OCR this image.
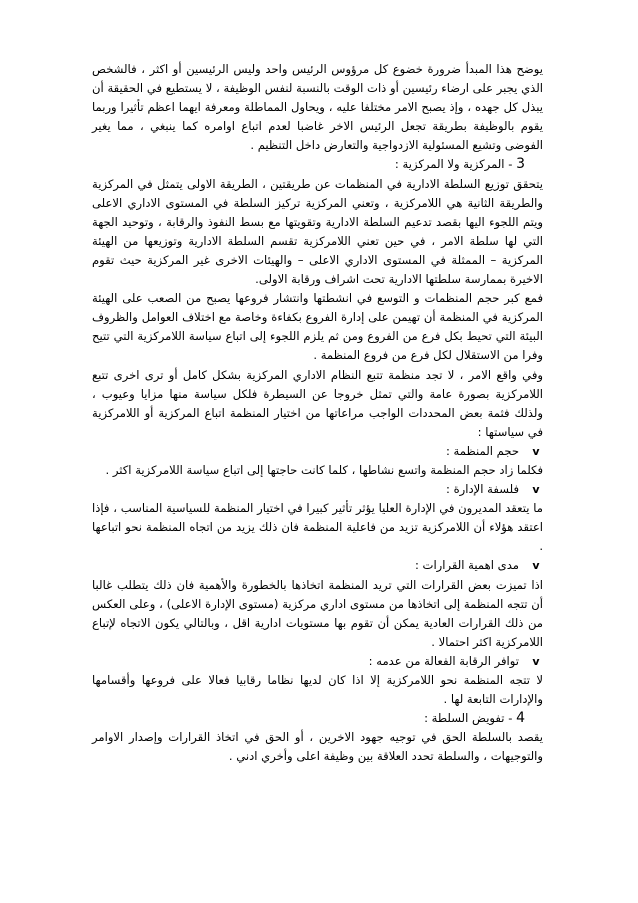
يوضح هذا المبدأ ضرورة خضوع كل مرؤوس الرئيس واحد وليس الرئيسين أو اكثر ، فالشخص الذي يجبر على ارضاء رئيسين أو ذات الوقت بالنسبة لنفس الوظيفة ، لا يستطيع في الحقيقة أن يبذل كل جهده ، وإذ يصبح الامر مختلفا عليه ، ويحاول المماطلة ومعرفة ايهما اعظم تأثيرا وربما يقوم بالوظيفة بطريقة تجعل الرئيس الاخر غاضبا لعدم اتباع اوامره كما ينبغي ، مما يغير الفوضى وتشيع المسئولية الازدواجية والتعارض داخل التنظيم .

3 - المركزية ولا المركزية :

يتحقق توزيع السلطة الادارية في المنظمات عن طريقتين ، الطريقة الاولى يتمثل في المركزية والطريقة الثانية هي اللامركزية ، وتعني المركزية تركيز السلطة في المستوى الاداري الاعلى ويتم اللجوء اليها بقصد تدعيم السلطة الادارية وتقويتها مع بسط النفوذ والرقابة ، وتوحيد الجهة التي لها سلطة الامر ، في حين تعني اللامركزية تقسم السلطة الادارية وتوزيعها من الهيئة المركزية – الممثلة في المستوى الاداري الاعلى – والهيئات الاخرى غير المركزية حيث تقوم الاخيرة بممارسة سلطتها الادارية تحت اشراف ورقابة الاولى.

فمع كبر حجم المنظمات و التوسع في انشطتها وانتشار فروعها يصبح من الصعب على الهيئة المركزية في المنظمة أن تهيمن على إدارة الفروع بكفاءة وخاصة مع اختلاف العوامل والظروف البيئة التي تحيط بكل فرع من الفروع ومن ثم يلزم اللجوء إلى اتباع سياسة اللامركزية التي تتيح وفرا من الاستقلال لكل فرع من فروع المنظمة .

وفي واقع الامر ، لا تجد منظمة تتبع النظام الاداري المركزية بشكل كامل أو ترى اخرى تتبع اللامركزية بصورة عامة والتي تمثل خروجا عن السيطرة فلكل سياسة منها مزايا وعيوب ، ولذلك فثمة بعض المحددات الواجب مراعاتها من اختيار المنظمة اتباع المركزية أو اللامركزية في سياستها :

v
حجم المنظمة :

فكلما زاد حجم المنظمة واتسع نشاطها ، كلما كانت حاجتها إلى اتباع سياسة اللامركزية اكثر .

v
فلسفة الإدارة :

ما يتعقد المديرون في الإدارة العليا يؤثر تأثير كبيرا في اختيار المنظمة للسياسية المناسب ، فإذا اعتقد هؤلاء أن اللامركزية تزيد من فاعلية المنظمة فان ذلك يزيد من اتجاه المنظمة نحو اتباعها .

v
مدى اهمية القرارات :

اذا تميزت بعض القرارات التي تريد المنظمة اتخاذها بالخطورة والأهمية فان ذلك يتطلب غالبا أن تتجه المنظمة إلى اتخاذها من مستوى اداري مركزية (مستوى الإدارة الاعلى) ، وعلى العكس من ذلك القرارات العادية يمكن أن تقوم بها مستويات ادارية اقل ، وبالتالي يكون الاتجاه لإتباع اللامركزية اكثر احتمالا .

v
توافر الرقابة الفعالة من عدمه :

لا تتجه المنظمة نحو اللامركزية إلا اذا كان لديها نظاما رقابيا فعالا على فروعها وأقسامها والإدارات التابعة لها .

4 - تفويض السلطة :

يقصد بالسلطة الحق في توجيه جهود الاخرين ، أو الحق في اتخاذ القرارات وإصدار الاوامر والتوجيهات ، والسلطة تحدد العلاقة بين وظيفة اعلى وأخري ادني .
